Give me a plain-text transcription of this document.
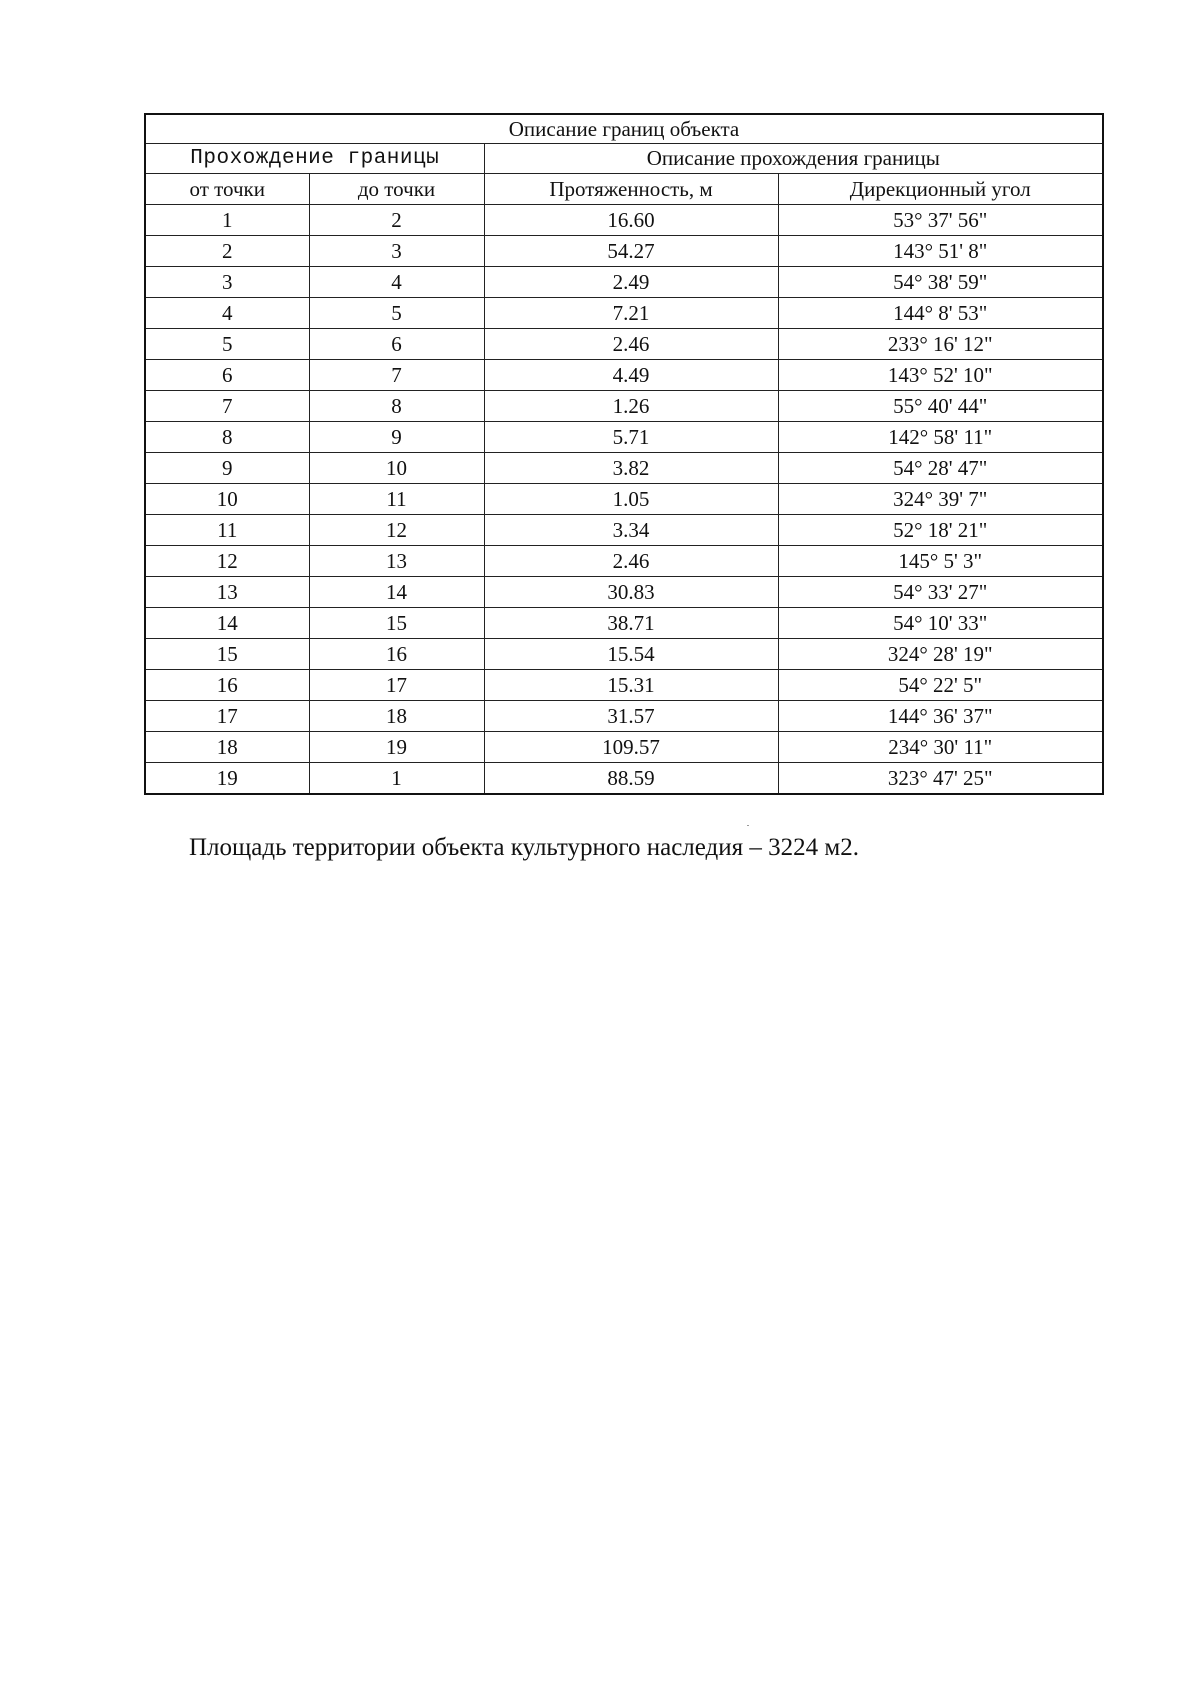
Описание границ объекта			
Прохождение границы		Описание прохождения границы	
от точки	до точки	Протяженность, м	Дирекционный угол
1	2	16.60	53° 37' 56"
2	3	54.27	143° 51' 8"
3	4	2.49	54° 38' 59"
4	5	7.21	144° 8' 53"
5	6	2.46	233° 16' 12"
6	7	4.49	143° 52' 10"
7	8	1.26	55° 40' 44"
8	9	5.71	142° 58' 11"
9	10	3.82	54° 28' 47"
10	11	1.05	324° 39' 7"
11	12	3.34	52° 18' 21"
12	13	2.46	145° 5' 3"
13	14	30.83	54° 33' 27"
14	15	38.71	54° 10' 33"
15	16	15.54	324° 28' 19"
16	17	15.31	54° 22' 5"
17	18	31.57	144° 36' 37"
18	19	109.57	234° 30' 11"
19	1	88.59	323° 47' 25"
Площадь территории объекта культурного наследия – 3224 м2.
